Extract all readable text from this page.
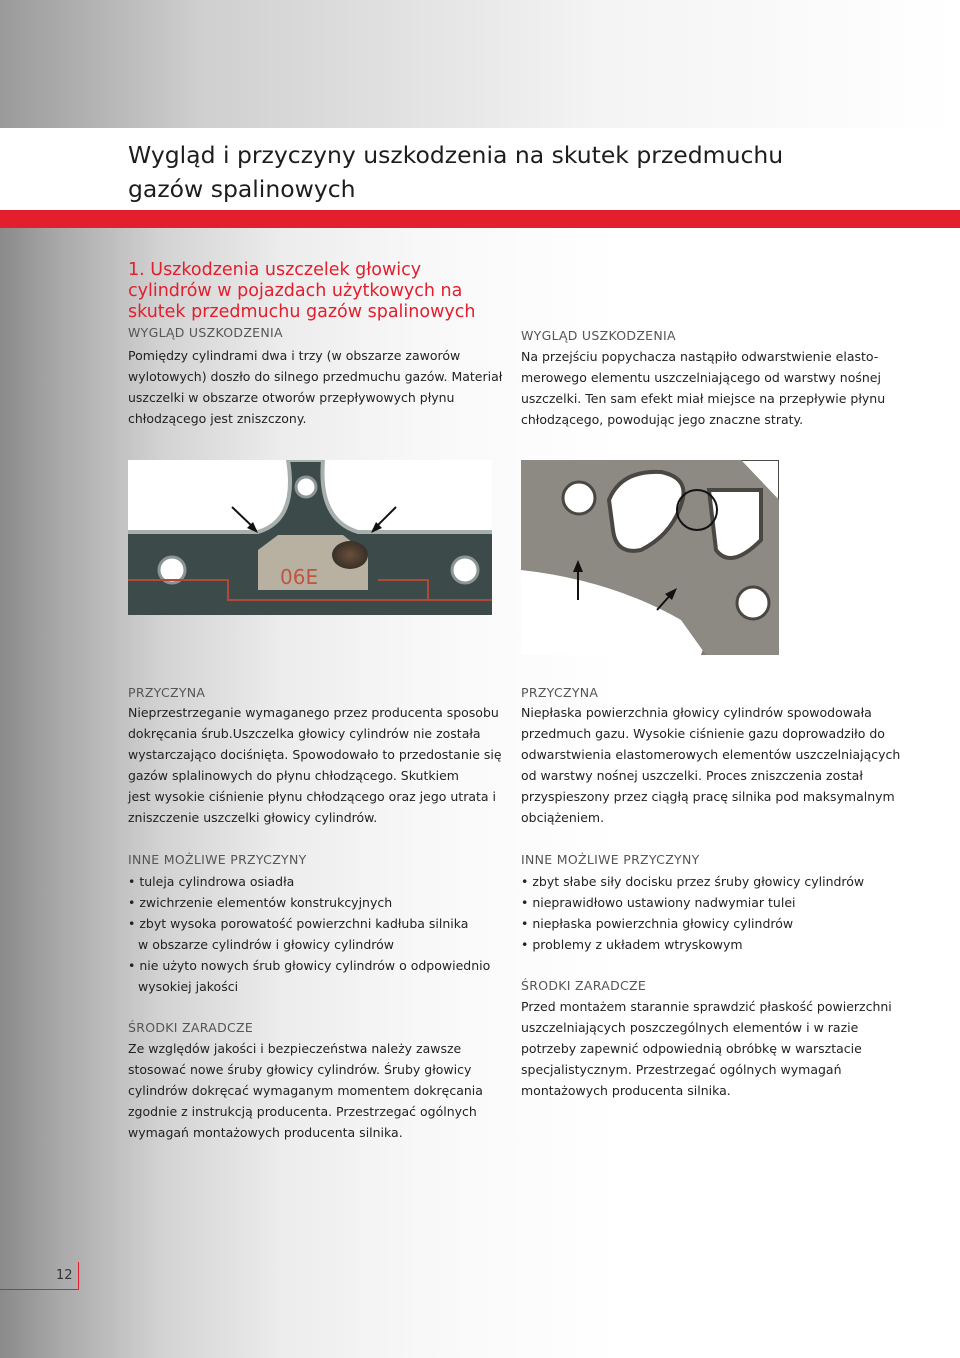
Wygląd i przyczyny uszkodzenia na skutek przedmuchu
gazów spalinowych
1. Uszkodzenia uszczelek głowicy
cylindrów w pojazdach użytkowych na
skutek przedmuchu gazów spalinowych
WYGLĄD USZKODZENIA
Pomiędzy cylindrami dwa i trzy (w obszarze zaworów
wylotowych) doszło do silnego przedmuchu gazów. Materiał
uszczelki w obszarze otworów przepływowych płynu
chłodzącego jest zniszczony.
WYGLĄD USZKODZENIA
Na przejściu popychacza nastąpiło odwarstwienie elasto-
merowego elementu uszczelniającego od warstwy nośnej
uszczelki. Ten sam efekt miał miejsce na przepływie płynu
chłodzącego, powodując jego znaczne straty.
06E
PRZYCZYNA
Nieprzestrzeganie wymaganego przez producenta sposobu
dokręcania śrub.Uszczelka głowicy cylindrów nie została
wystarczająco dociśnięta. Spowodowało to przedostanie się
gazów splalinowych do płynu chłodzącego. Skutkiem
jest wysokie ciśnienie płynu chłodzącego oraz jego utrata i
zniszczenie uszczelki głowicy cylindrów.
PRZYCZYNA
Niepłaska powierzchnia głowicy cylindrów spowodowała
przedmuch gazu. Wysokie ciśnienie gazu doprowadziło do
odwarstwienia elastomerowych elementów uszczelniających
od warstwy nośnej uszczelki. Proces zniszczenia został
przyspieszony przez ciągłą pracę silnika pod maksymalnym
obciążeniem.
INNE MOŻLIWE PRZYCZYNY
• tuleja cylindrowa osiadła
• zwichrzenie elementów konstrukcyjnych
• zbyt wysoka porowatość powierzchni kadłuba silnika
w obszarze cylindrów i głowicy cylindrów
• nie użyto nowych śrub głowicy cylindrów o odpowiednio
wysokiej jakości
INNE MOŻLIWE PRZYCZYNY
• zbyt słabe siły docisku przez śruby głowicy cylindrów
• nieprawidłowo ustawiony nadwymiar tulei
• niepłaska powierzchnia głowicy cylindrów
• problemy z układem wtryskowym
ŚRODKI ZARADCZE
Ze względów jakości i bezpieczeństwa należy zawsze
stosować nowe śruby głowicy cylindrów. Śruby głowicy
cylindrów dokręcać wymaganym momentem dokręcania
zgodnie z instrukcją producenta. Przestrzegać ogólnych
wymagań montażowych producenta silnika.
ŚRODKI ZARADCZE
Przed montażem starannie sprawdzić płaskość powierzchni
uszczelniających poszczególnych elementów i w razie
potrzeby zapewnić odpowiednią obróbkę w warsztacie
specjalistycznym. Przestrzegać ogólnych wymagań
montażowych producenta silnika.
12
